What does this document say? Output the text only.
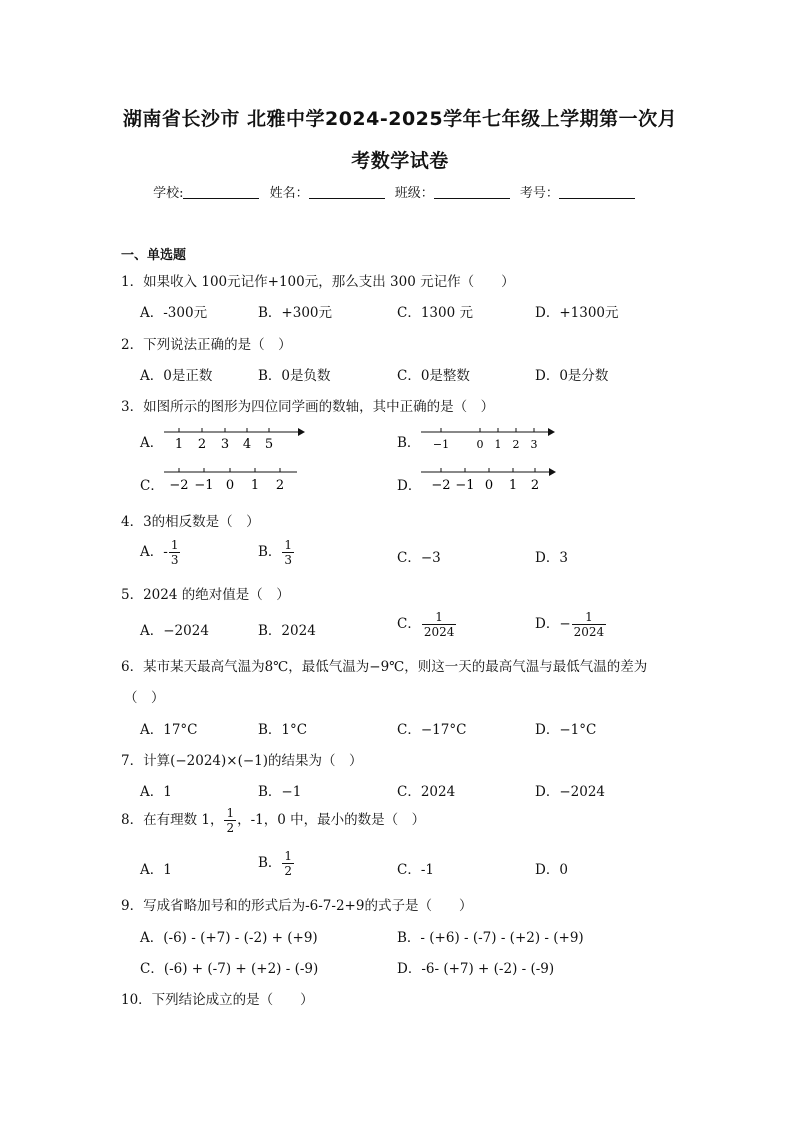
湖南省长沙市 北雅中学2024-2025学年七年级上学期第一次月
考数学试卷
学校:	姓名：	班级：	考号：
一、单选题
1．如果收入 100元记作+100元，那么支出 300 元记作（　　）
A．-300元	B．+300元	C．1300 元	D．+1300元
2．下列说法正确的是（　）
A．0是正数	B．0是负数	C．0是整数	D．0是分数
3．如图所示的图形为四位同学画的数轴，其中正确的是（　）
A． 1 2 3 4 5	B． −1 0 1 2 3
C． −2 −1 0 1 2	D． −2 −1 0 1 2
4．3的相反数是（　）
A．- $\frac{1}{3}$	B． $\frac{1}{3}$	C．−3	D．3
5．2024 的绝对值是（　）
A．−2024	B．2024	C． $\frac{1}{2024}$	D．− $\frac{1}{2024}$
6．某市某天最高气温为8℃，最低气温为−9℃，则这一天的最高气温与最低气温的差为
（　）
A．17°C	B．1°C	C．−17°C	D．−1°C
7．计算(−2024)×(−1)的结果为（　）
A．1	B．−1	C．2024	D．−2024
8．在有理数 1， $\frac{1}{2}$ ，-1，0 中，最小的数是（　）
A．1	B． $\frac{1}{2}$	C．-1	D．0
9．写成省略加号和的形式后为-6-7-2+9的式子是（　　）
A．(-6) - (+7) - (-2) + (+9)	B．- (+6) - (-7) - (+2) - (+9)
C．(-6) + (-7) + (+2) - (-9)	D．-6- (+7) + (-2) - (-9)
10．下列结论成立的是（　　）
